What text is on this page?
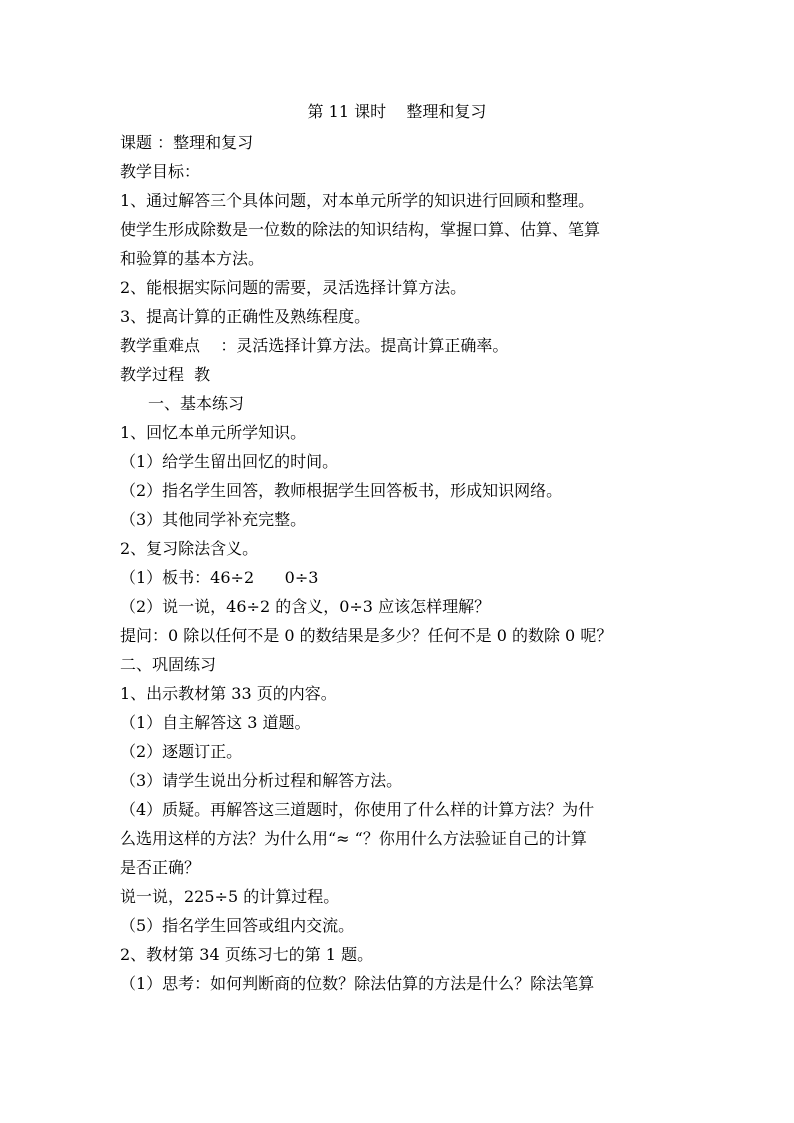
第 11 课时    整理和复习
课题 ：整理和复习
教学目标：
1、通过解答三个具体问题，对本单元所学的知识进行回顾和整理。
使学生形成除数是一位数的除法的知识结构，掌握口算、估算、笔算
和验算的基本方法。
2、能根据实际问题的需要，灵活选择计算方法。
3、提高计算的正确性及熟练程度。
教学重难点    ：灵活选择计算方法。提高计算正确率。
教学过程  教
一、基本练习
1、回忆本单元所学知识。
（1）给学生留出回忆的时间。
（2）指名学生回答，教师根据学生回答板书，形成知识网络。
（3）其他同学补充完整。
2、复习除法含义。
（1）板书：46÷2      0÷3
（2）说一说，46÷2 的含义，0÷3 应该怎样理解？
提问：0 除以任何不是 0 的数结果是多少？任何不是 0 的数除 0 呢？
二、巩固练习
1、出示教材第 33 页的内容。
（1）自主解答这 3 道题。
（2）逐题订正。
（3）请学生说出分析过程和解答方法。
（4）质疑。再解答这三道题时，你使用了什么样的计算方法？为什
么选用这样的方法？为什么用“≈ “？你用什么方法验证自己的计算
是否正确？
说一说，225÷5 的计算过程。
（5）指名学生回答或组内交流。
2、教材第 34 页练习七的第 1 题。
（1）思考：如何判断商的位数？除法估算的方法是什么？除法笔算
